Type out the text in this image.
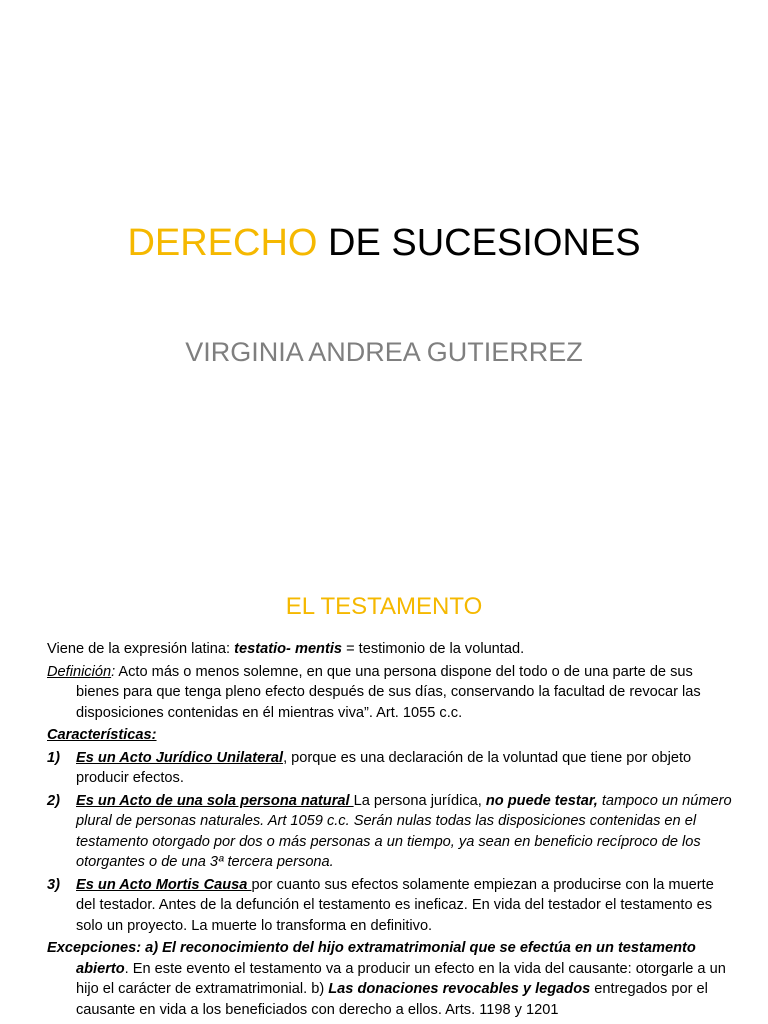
DERECHO DE SUCESIONES
VIRGINIA ANDREA GUTIERREZ
EL TESTAMENTO

Viene de la expresión latina: testatio- mentis = testimonio de la voluntad.

Definición: Acto más o menos solemne, en que una persona dispone del todo o de una parte de sus bienes para que tenga pleno efecto después de sus días, conservando la facultad de revocar las disposiciones contenidas en él mientras viva”. Art. 1055 c.c.

Características:

1) Es un Acto Jurídico Unilateral, porque es una declaración de la voluntad que tiene por objeto producir efectos.
2) Es un Acto de una sola persona natural La persona jurídica, no puede testar, tampoco un número plural de personas naturales. Art 1059 c.c. Serán nulas todas las disposiciones contenidas en el testamento otorgado por dos o más personas a un tiempo, ya sean en beneficio recíproco de los otorgantes o de una 3ª tercera persona.
3) Es un Acto Mortis Causa por cuanto sus efectos solamente empiezan a producirse con la muerte del testador. Antes de la defunción el testamento es ineficaz. En vida del testador el testamento es solo un proyecto. La muerte lo transforma en definitivo.

Excepciones: a) El reconocimiento del hijo extramatrimonial que se efectúa en un testamento abierto. En este evento el testamento va a producir un efecto en la vida del causante: otorgarle a un hijo el carácter de extramatrimonial. b) Las donaciones revocables y legados entregados por el causante en vida a los beneficiados con derecho a ellos. Arts. 1198 y 1201
